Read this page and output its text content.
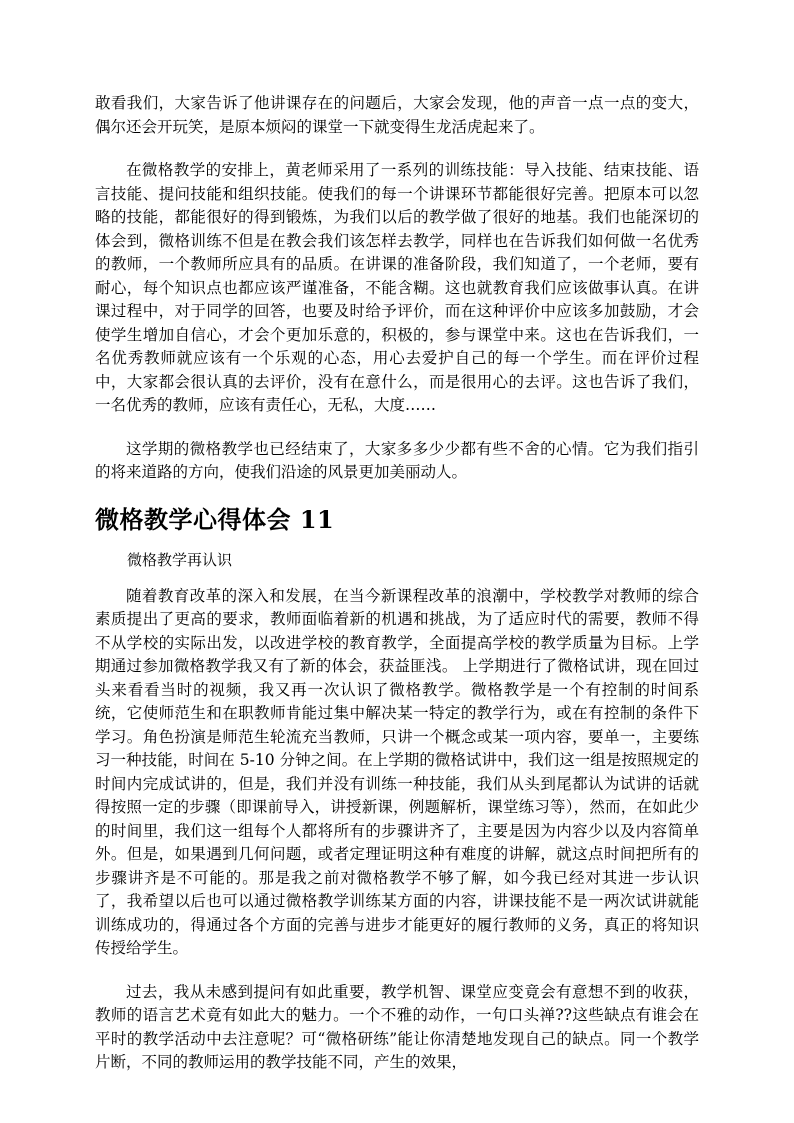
敢看我们，大家告诉了他讲课存在的问题后，大家会发现，他的声音一点一点的变大，偶尔还会开玩笑，是原本烦闷的课堂一下就变得生龙活虎起来了。

在微格教学的安排上，黄老师采用了一系列的训练技能：导入技能、结束技能、语言技能、提问技能和组织技能。使我们的每一个讲课环节都能很好完善。把原本可以忽略的技能，都能很好的得到锻炼，为我们以后的教学做了很好的地基。我们也能深切的体会到，微格训练不但是在教会我们该怎样去教学，同样也在告诉我们如何做一名优秀的教师，一个教师所应具有的品质。在讲课的准备阶段，我们知道了，一个老师，要有耐心，每个知识点也都应该严谨准备，不能含糊。这也就教育我们应该做事认真。在讲课过程中，对于同学的回答，也要及时给予评价，而在这种评价中应该多加鼓励，才会使学生增加自信心，才会个更加乐意的，积极的，参与课堂中来。这也在告诉我们，一名优秀教师就应该有一个乐观的心态，用心去爱护自己的每一个学生。而在评价过程中，大家都会很认真的去评价，没有在意什么，而是很用心的去评。这也告诉了我们，一名优秀的教师，应该有责任心，无私，大度……

这学期的微格教学也已经结束了，大家多多少少都有些不舍的心情。它为我们指引的将来道路的方向，使我们沿途的风景更加美丽动人。

微格教学心得体会 11

微格教学再认识

随着教育改革的深入和发展，在当今新课程改革的浪潮中，学校教学对教师的综合素质提出了更高的要求，教师面临着新的机遇和挑战，为了适应时代的需要，教师不得不从学校的实际出发，以改进学校的教育教学，全面提高学校的教学质量为目标。上学期通过参加微格教学我又有了新的体会，获益匪浅。 上学期进行了微格试讲，现在回过头来看看当时的视频，我又再一次认识了微格教学。微格教学是一个有控制的时间系统，它使师范生和在职教师肯能过集中解决某一特定的教学行为，或在有控制的条件下学习。角色扮演是师范生轮流充当教师，只讲一个概念或某一项内容，要单一，主要练习一种技能，时间在 5-10 分钟之间。在上学期的微格试讲中，我们这一组是按照规定的时间内完成试讲的，但是，我们并没有训练一种技能，我们从头到尾都认为试讲的话就得按照一定的步骤（即课前导入，讲授新课，例题解析，课堂练习等），然而，在如此少的时间里，我们这一组每个人都将所有的步骤讲齐了，主要是因为内容少以及内容简单外。但是，如果遇到几何问题，或者定理证明这种有难度的讲解，就这点时间把所有的步骤讲齐是不可能的。那是我之前对微格教学不够了解，如今我已经对其进一步认识了，我希望以后也可以通过微格教学训练某方面的内容，讲课技能不是一两次试讲就能训练成功的，得通过各个方面的完善与进步才能更好的履行教师的义务，真正的将知识传授给学生。

过去，我从未感到提问有如此重要，教学机智、课堂应变竟会有意想不到的收获，教师的语言艺术竟有如此大的魅力。一个不雅的动作，一句口头禅??这些缺点有谁会在平时的教学活动中去注意呢？可“微格研练”能让你清楚地发现自己的缺点。同一个教学片断，不同的教师运用的教学技能不同，产生的效果，
